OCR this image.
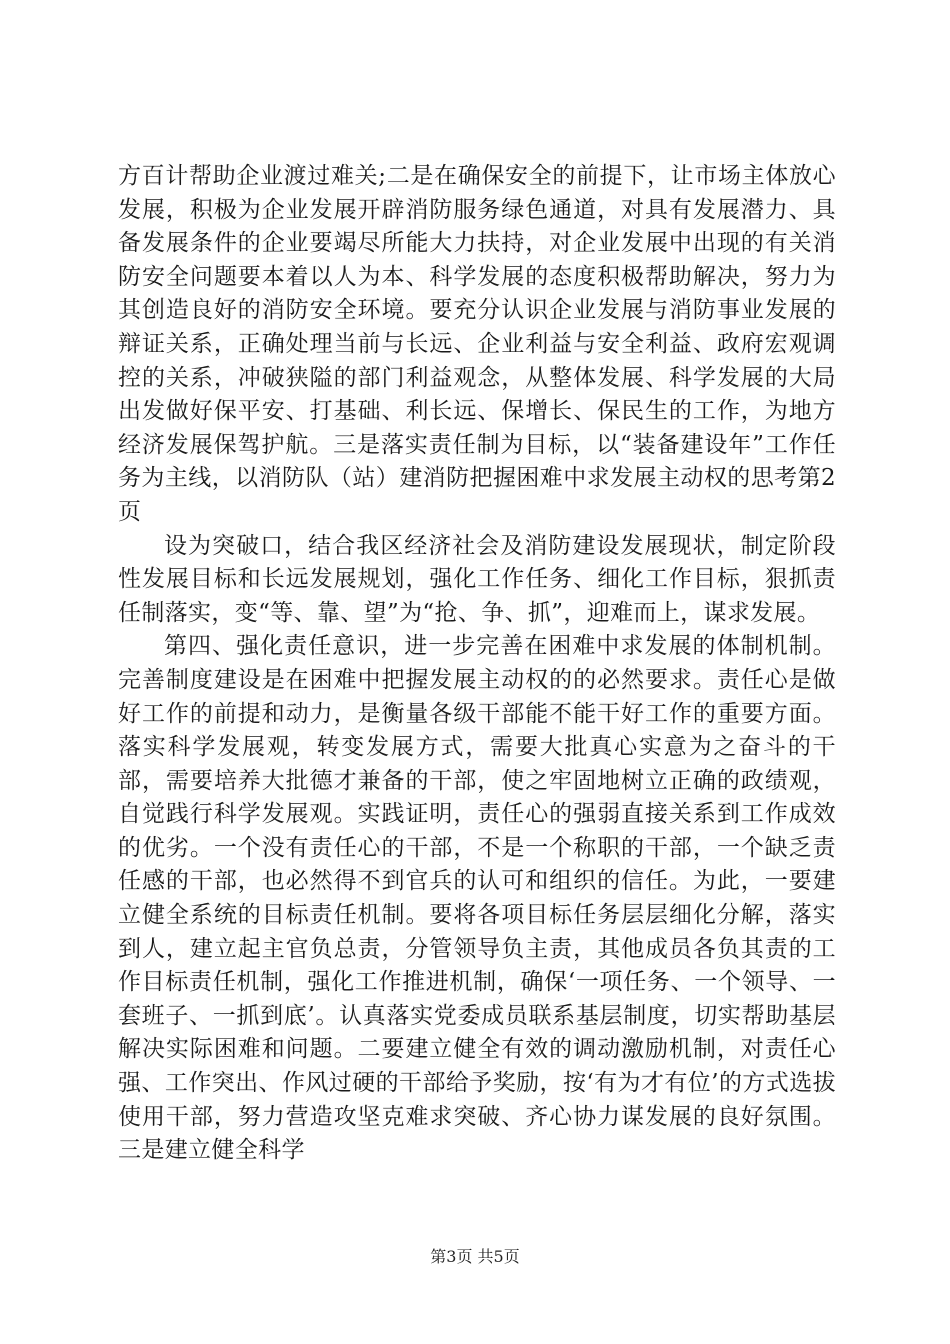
方百计帮助企业渡过难关;二是在确保安全的前提下，让市场主体放心发展，积极为企业发展开辟消防服务绿色通道，对具有发展潜力、具备发展条件的企业要竭尽所能大力扶持，对企业发展中出现的有关消防安全问题要本着以人为本、科学发展的态度积极帮助解决，努力为其创造良好的消防安全环境。要充分认识企业发展与消防事业发展的辩证关系，正确处理当前与长远、企业利益与安全利益、政府宏观调控的关系，冲破狭隘的部门利益观念，从整体发展、科学发展的大局出发做好保平安、打基础、利长远、保增长、保民生的工作，为地方经济发展保驾护航。三是落实责任制为目标，以“装备建设年”工作任务为主线，以消防队（站）建消防把握困难中求发展主动权的思考第2页

设为突破口，结合我区经济社会及消防建设发展现状，制定阶段性发展目标和长远发展规划，强化工作任务、细化工作目标，狠抓责任制落实，变“等、靠、望”为“抢、争、抓”，迎难而上，谋求发展。

第四、强化责任意识，进一步完善在困难中求发展的体制机制。完善制度建设是在困难中把握发展主动权的的必然要求。责任心是做好工作的前提和动力，是衡量各级干部能不能干好工作的重要方面。落实科学发展观，转变发展方式，需要大批真心实意为之奋斗的干部，需要培养大批德才兼备的干部，使之牢固地树立正确的政绩观，自觉践行科学发展观。实践证明，责任心的强弱直接关系到工作成效的优劣。一个没有责任心的干部，不是一个称职的干部，一个缺乏责任感的干部，也必然得不到官兵的认可和组织的信任。为此，一要建立健全系统的目标责任机制。要将各项目标任务层层细化分解，落实到人，建立起主官负总责，分管领导负主责，其他成员各负其责的工作目标责任机制，强化工作推进机制，确保‘一项任务、一个领导、一套班子、一抓到底’。认真落实党委成员联系基层制度，切实帮助基层解决实际困难和问题。二要建立健全有效的调动激励机制，对责任心强、工作突出、作风过硬的干部给予奖励，按‘有为才有位’的方式选拔使用干部，努力营造攻坚克难求突破、齐心协力谋发展的良好氛围。三是建立健全科学

第3页 共5页
